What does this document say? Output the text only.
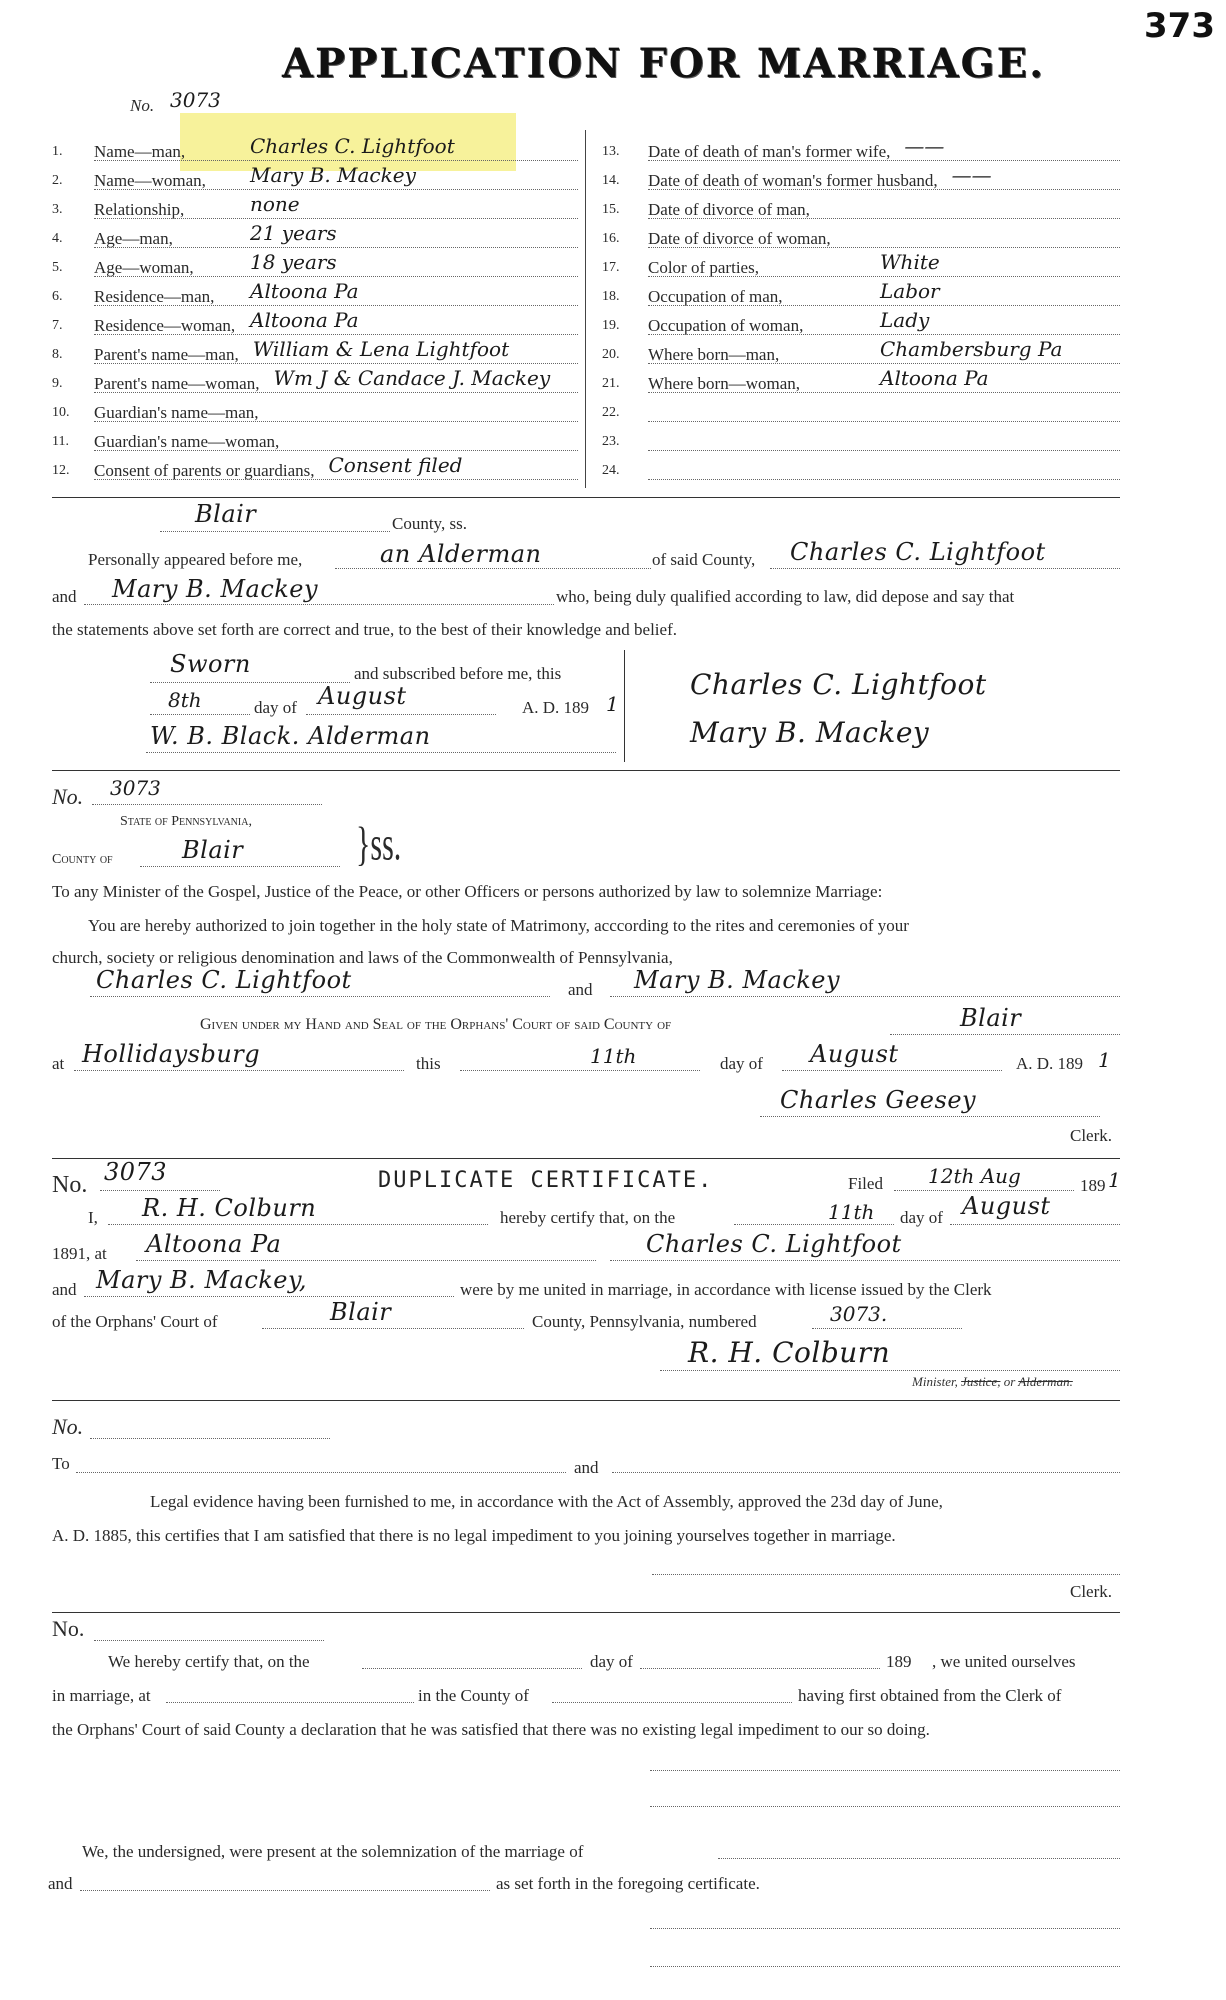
373
APPLICATION FOR MARRIAGE.
No. 3073
1. Name—man,	Charles C. Lightfoot
2. Name—woman, Mary B. Mackey
3. Relationship,	none
4. Age—man,	21 years
5. Age—woman,	18 years
6. Residence—man, Altoona Pa
7. Residence—woman, Altoona Pa
8. Parent's name—man, William & Lena Lightfoot
9. Parent's name—woman, Wm J & Candace J. Mackey
10. Guardian's name—man,
11. Guardian's name—woman,
12. Consent of parents or guardians, Consent filed
13. Date of death of man's former wife, ——
14. Date of death of woman's former husband, ——
15. Date of divorce of man,
16. Date of divorce of woman,
17. Color of parties,	White
18. Occupation of man,	Labor
19. Occupation of woman,	Lady
20. Where born—man,	Chambersburg Pa
21. Where born—woman,	Altoona Pa
22.
23.
24.
Blair	County, ss.
Personally appeared before me,	an Alderman	of said County, Charles C. Lightfoot
and Mary B. Mackey	who, being duly qualified according to law, did depose and say that
the statements above set forth are correct and true, to the best of their knowledge and belief.
Sworn	and subscribed before me, this
8th	day of August	A. D. 189 1
W. B. Black. Alderman
Charles C. Lightfoot
Mary B. Mackey
No. 3073
State of Pennsylvania,
County of	Blair	}ss.
To any Minister of the Gospel, Justice of the Peace, or other Officers or persons authorized by law to solemnize Marriage:
You are hereby authorized to join together in the holy state of Matrimony, acccording to the rites and ceremonies of your
church, society or religious denomination and laws of the Commonwealth of Pennsylvania,
Charles C. Lightfoot	and Mary B. Mackey
Given under my Hand and Seal of the Orphans' Court of said County of	Blair
at Hollidaysburg	this	11th	day of August	A. D. 189 1
Charles Geesey
Clerk.
No. 3073	DUPLICATE CERTIFICATE.	Filed 12th Aug	189 1
I, R. H. Colburn	hereby certify that, on the	11th day of August
1891, at Altoona Pa	Charles C. Lightfoot
and Mary B. Mackey,	were by me united in marriage, in accordance with license issued by the Clerk
of the Orphans' Court of	Blair	County, Pennsylvania, numbered	3073.
R. H. Colburn
Minister, Justice, or Alderman.
No.
To	and
Legal evidence having been furnished to me, in accordance with the Act of Assembly, approved the 23d day of June,
A. D. 1885, this certifies that I am satisfied that there is no legal impediment to you joining yourselves together in marriage.
Clerk.
No.
We hereby certify that, on the	day of	189 , we united ourselves
in marriage, at	in the County of	having first obtained from the Clerk of
the Orphans' Court of said County a declaration that he was satisfied that there was no existing legal impediment to our so doing.
We, the undersigned, were present at the solemnization of the marriage of
and	as set forth in the foregoing certificate.
